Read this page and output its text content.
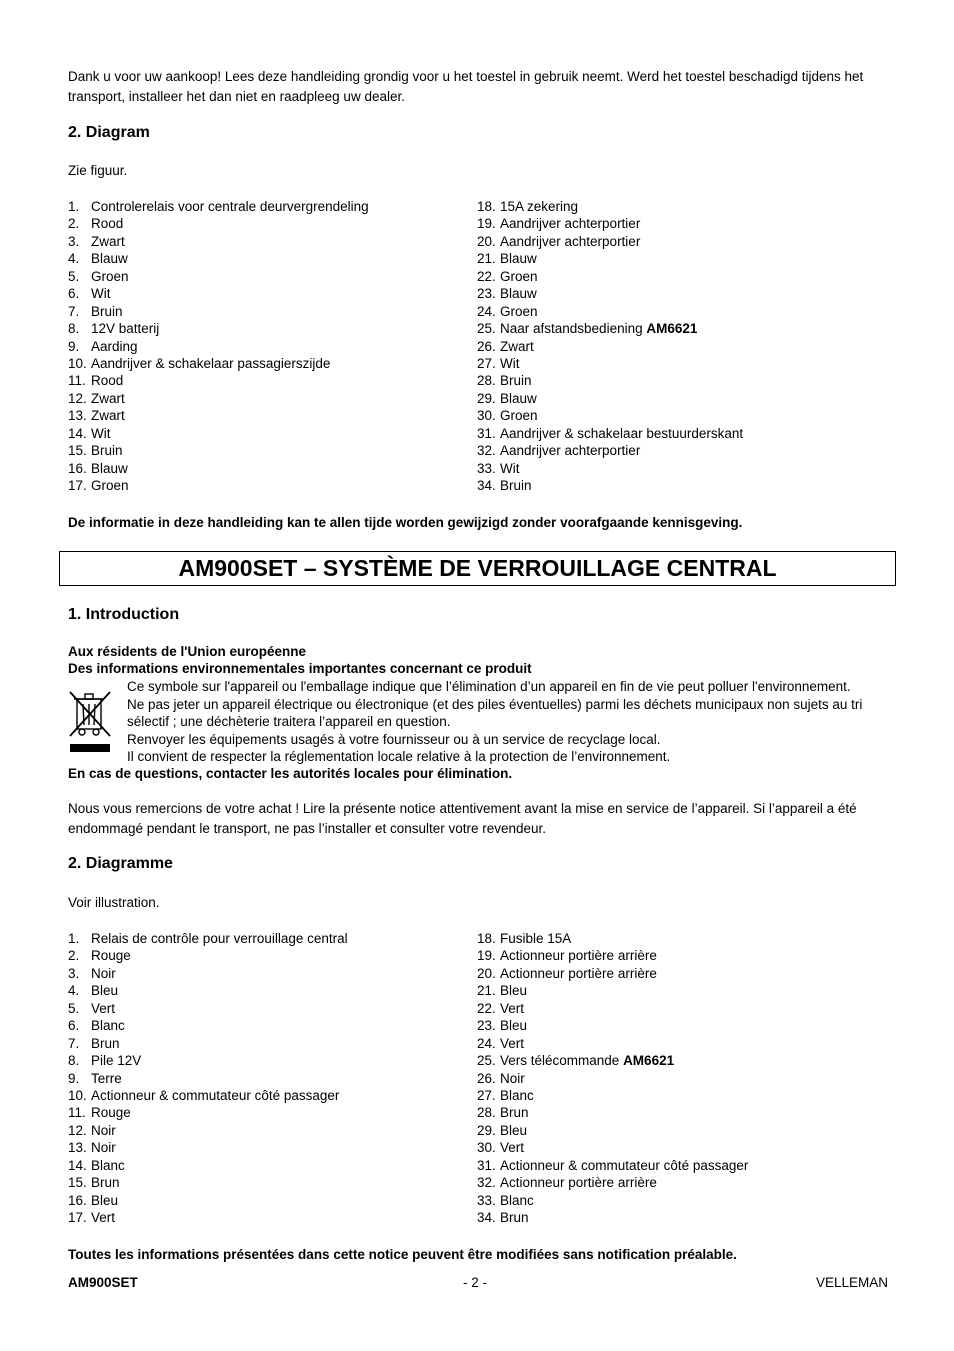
Dank u voor uw aankoop! Lees deze handleiding grondig voor u het toestel in gebruik neemt. Werd het toestel beschadigd tijdens het transport, installeer het dan niet en raadpleeg uw dealer.
2. Diagram
Zie figuur.
1. Controlerelais voor centrale deurvergrendeling
2. Rood
3. Zwart
4. Blauw
5. Groen
6. Wit
7. Bruin
8. 12V batterij
9. Aarding
10. Aandrijver & schakelaar passagierszijde
11. Rood
12. Zwart
13. Zwart
14. Wit
15. Bruin
16. Blauw
17. Groen
18. 15A zekering
19. Aandrijver achterportier
20. Aandrijver achterportier
21. Blauw
22. Groen
23. Blauw
24. Groen
25. Naar afstandsbediening AM6621
26. Zwart
27. Wit
28. Bruin
29. Blauw
30. Groen
31. Aandrijver & schakelaar bestuurderskant
32. Aandrijver achterportier
33. Wit
34. Bruin
De informatie in deze handleiding kan te allen tijde worden gewijzigd zonder voorafgaande kennisgeving.
AM900SET – SYSTÈME DE VERROUILLAGE CENTRAL
1. Introduction
Aux résidents de l'Union européenne
Des informations environnementales importantes concernant ce produit
Ce symbole sur l'appareil ou l'emballage indique que l’élimination d’un appareil en fin de vie peut polluer l'environnement.
Ne pas jeter un appareil électrique ou électronique (et des piles éventuelles) parmi les déchets municipaux non sujets au tri
sélectif ; une déchèterie traitera l’appareil en question.
Renvoyer les équipements usagés à votre fournisseur ou à un service de recyclage local.
Il convient de respecter la réglementation locale relative à la protection de l’environnement.
En cas de questions, contacter les autorités locales pour élimination.
Nous vous remercions de votre achat ! Lire la présente notice attentivement avant la mise en service de l’appareil. Si l’appareil a été endommagé pendant le transport, ne pas l’installer et consulter votre revendeur.
2. Diagramme
Voir illustration.
1. Relais de contrôle pour verrouillage central
2. Rouge
3. Noir
4. Bleu
5. Vert
6. Blanc
7. Brun
8. Pile 12V
9. Terre
10. Actionneur & commutateur côté passager
11. Rouge
12. Noir
13. Noir
14. Blanc
15. Brun
16. Bleu
17. Vert
18. Fusible 15A
19. Actionneur portière arrière
20. Actionneur portière arrière
21. Bleu
22. Vert
23. Bleu
24. Vert
25. Vers télécommande AM6621
26. Noir
27. Blanc
28. Brun
29. Bleu
30. Vert
31. Actionneur & commutateur côté passager
32. Actionneur portière arrière
33. Blanc
34. Brun
Toutes les informations présentées dans cette notice peuvent être modifiées sans notification préalable.
AM900SET	- 2 -	VELLEMAN
